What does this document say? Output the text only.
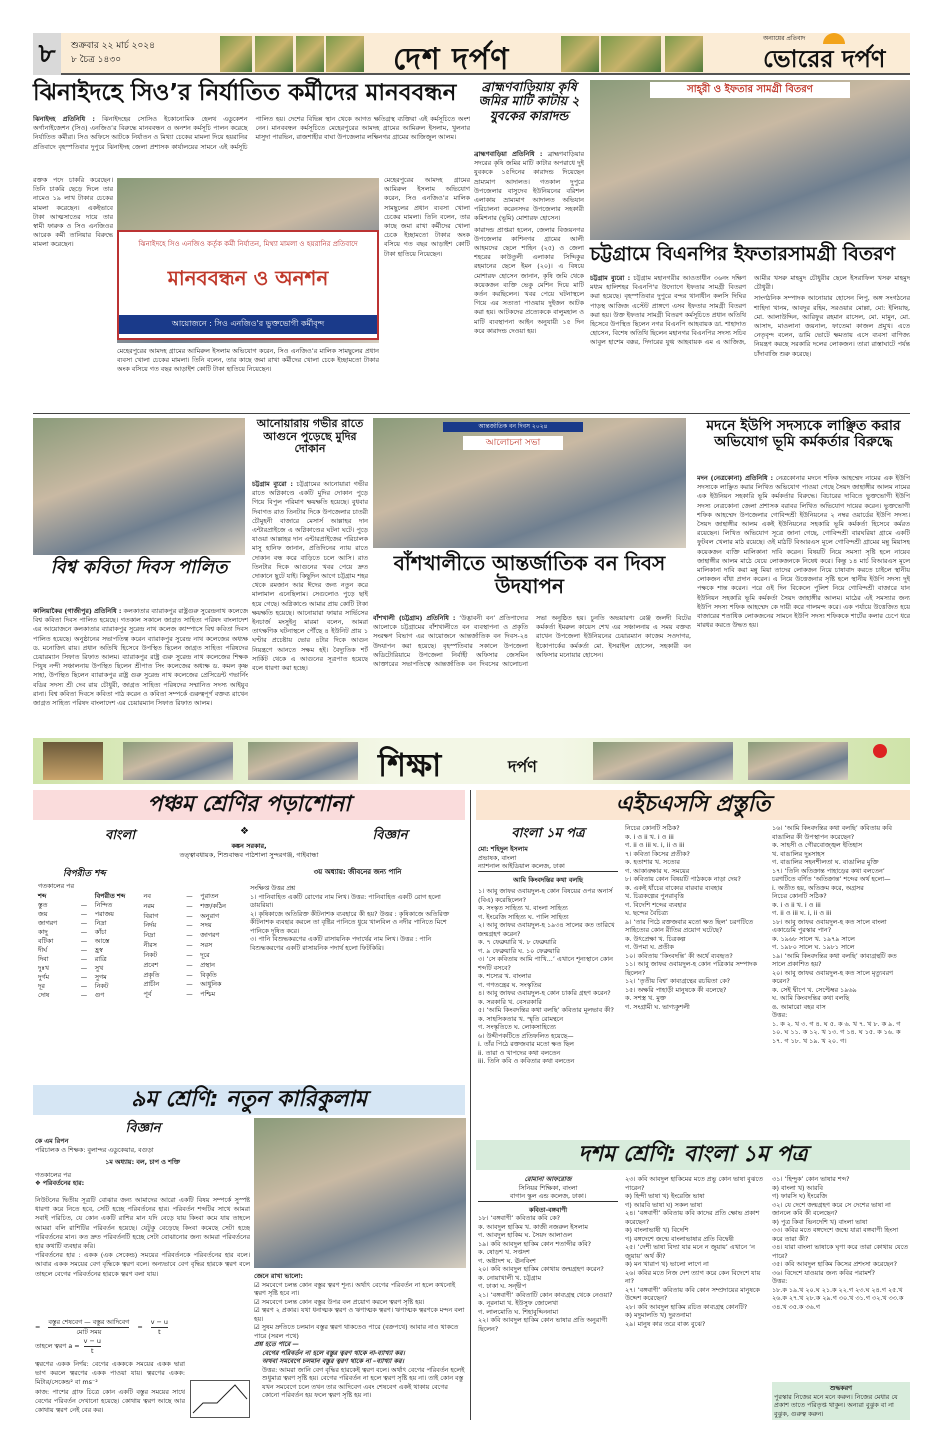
৮	শুক্রবার ২২ মার্চ ২০২৪
৮ চৈত্র ১৪৩০	দেশ দর্পণ
অন্যায়ের প্রতিবাদ
ভোরের দর্পণ
ঝিনাইদহে সিও’র নির্যাতিত কর্মীদের মানববন্ধন

ঝিনাইদহ প্রতিনিধি : ঝিনাইদহের সোসিও ইকোনোমিক হেলথ এডুকেশন অর্গানাইজেশন (সিও) এনজিও’র বিরুদ্ধে মানববন্ধন ও অনশন কর্মসূচি পালন করেছে নির্যাতিত কর্মীরা। সিও অফিসে আটকে নির্যাতন ও মিথ্যা চেকের মামলা দিয়ে হয়রানির প্রতিবাদে বৃহস্পতিবার দুপুরে ঝিনাইদহ জেলা প্রশাসক কার্যালয়ের সামনে এই কর্মসূচি পালিত হয়। দেশের বিভিন্ন স্থান থেকে আগত ক্ষতিগ্রস্থ ব্যক্তিরা এই কর্মসূচিতে অংশ নেন। মানববন্ধন কর্মসূচিতে মেহেরপুরের আমদহ গ্রামের আমিরুল ইসলাম, খুলনার মাসুদা পারভিন, রাজশাহীর বাঘা উপজেলার লক্ষিনগর গ্রামের আজিজুল আলম।

রক্তক পদে চাকরি করেছেন। তিনি চাকরি ছেড়ে দিলে তার নামেও ১৯ লাখ টাকার চেকের মামলা করেছেন। একইভাবে টাকা আত্মসাতের দায়ে তার স্বামী ফারুক ও সিও এনজিওর আরেক কর্মী তানিয়ার বিরুদ্ধে মামলা করেছেন।	ঝিনাইদহে সিও এনজিও কর্তৃক কর্মী নির্যাতন, মিথ্যা মামলা ও হয়রানির প্রতিবাদে
মানববন্ধন ও অনশন
আয়োজনে : সিও এনজিও'র ভুক্তভোগী কর্মীবৃন্দ

মেহেরপুরের আমদহ গ্রামের আমিরুল ইসলাম অভিযোগ করেন, সিও এনজিও’র মালিক সামছুলের প্রধান ব্যবসা খোলা চেকের মামলা। তিনি বলেন, তার কাছে জমা রাখা কর্মীদের খোলা চেকে ইচ্ছামতো টাকার অংক বসিয়ে গত বছর আড়াইশ কোটি টাকা হাতিয়ে নিয়েছেন।

মেহেরপুরের আমদহ গ্রামের আমিরুল ইসলাম অভিযোগ করেন, সিও এনজিও’র মালিক সামছুলের প্রধান ব্যবসা খোলা চেকের মামলা। তিনি বলেন, তার কাছে জমা রাখা কর্মীদের খোলা চেকে ইচ্ছামতো টাকার অংক বসিয়ে গত বছর আড়াইশ কোটি টাকা হাতিয়ে নিয়েছেন।

ব্রাহ্মণবাড়িয়ায় কৃষি জমির মাটি কাটায় ২ যুবকের কারাদন্ড

ব্রাহ্মণবাড়িয়া প্রতিনিধি : ব্রাহ্মণবাড়িয়ার সদরের কৃষি জমির মাটি কাটার অপরাধে দুই যুবককে ১৫দিনের কারাদন্ড দিয়েছেন ভ্রাম্যমাণ আদালত। গতকাল দুপুরে উপজেলার বাসুদেব ইউনিয়নের বরিশল এলাকায় ভ্রাম্যমাণ আদালত অভিযান পরিচালনা করেনসদর উপজেলার সহকারী কমিশনার (ভূমি) মোশারফ হোসেন।

কারাদন্ড প্রাপ্তরা হলেন, জেলার বিজয়নগর উপজেলার কাশিনগর গ্রামের আলী আহমদের ছেলে শাহিন (২৫) ও জেলা শহরের কাউতুলী এলাকার সিদ্দিকুর রহমানের ছেলে ইমন (২০)। এ বিষয়ে মোশারফ হোসেন জানান, কৃষি জমি থেকে কয়েকজন ব্যক্তি ভেকু মেশিন দিয়ে মাটি কর্তন করছিলেন। খবর পেয়ে ঘটনাস্থলে গিয়ে এর সত্যতা পাওয়ায় দুইজন আটক করা হয়। আটকদের প্রত্যেককে বালুমহাল ও মাটি ব্যবস্থাপনা আইন অনুযায়ী ১৫ দিন করে কারাদন্ড দেওয়া হয়।

সাহ্‌রী ও ইফতার সামগ্রী বিতরণ
চট্টগ্রামে বিএনপির ইফতারসামগ্রী বিতরণ

চট্টগ্রাম ব্যুরো : চট্টগ্রাম মহানগরীর আওতাধীন ৩৬নং দক্ষিণ মধ্যম হালিশহর বিএনপি'র উদ্যোগে ইফতার সামগ্রী বিতরণ করা হয়েছে। বৃহস্পতিবার দুপুরে বন্দর থানাধীন কলসি দিঘির পাড়স্থ আজিজ এস্টেট প্রাঙ্গণে এসব ইফতার সামগ্রী বিতরণ করা হয়। উক্ত ইফতার সামগ্রী বিতরণ কর্মসূচিতে প্রধান অতিথি হিসেবে উপস্থিত ছিলেন নগর বিএনপি আহবায়ক ডা. শাহাদাত হোসেন, বিশেষ অতিথি ছিলেন মহানগর বিএনপির সদস্য সচিব আবুল হাশেম বক্কর, দিদারের যুগ্ম আহবায়ক এম এ আজিজ, আমীর খসরু মাহমুদ চৌধুরীর ছেলে ইসরাফিল খসরু মাহমুদ চৌধুরী।

সাংগঠনিক সম্পাদক আনোয়ার হোসেন লিপু, অঙ্গ সংগঠনের শাহিদা খানম, আবদুর রহিম, সরওয়ার মোল্লা, মো: ইলিয়াছ, মো. আলাউদ্দিন, আরিফুর রহমান রাসেল, মো. মামুন, মো. আসাদ, মাওলানা জয়নাল, ফাতেমা কাজল প্রমুখ। এতে নেতৃবৃন্দ বলেন, ডামি ভোটে ক্ষমতায় এসে ব্যবসা বাণিজ্য নিয়ন্ত্রণ করছে সরকারি দলের লোকজন। তারা রাস্তাঘাটে পর্যন্ত চাঁদাবাজি শুরু করেছে।

বিশ্ব কবিতা দিবস পালিত

কালিয়াকৈর (গাজীপুর) প্রতিনিধি : কলকাতার ব্যারাকপুর রাষ্ট্রগুরু সুরেন্দ্রনাথ কলেজে বিশ্ব কবিতা দিবস পালিত হয়েছে। গতকাল সকালে জাগ্রত সাহিত্য পরিষদ বাংলাদেশ এর আয়োজনে কলকাতার ব্যারাকপুর সুরেন্দ্র নাথ কলেজ ক্যাম্পাসে বিশ্ব কবিতা দিবস পালিত হয়েছে। অনুষ্ঠানের সভাপতিত্ব করেন ব্যারাকপুর সুরেন্দ্র নাথ কলেজের অধ্যক্ষ ড. মনোজিৎ রায়। প্রধান অতিথি হিসেবে উপস্থিত ছিলেন জাগ্রত সাহিত্য পরিষদের চেয়ারম্যান সিফাত রিফাত আলম। ব্যারাকপুর রাষ্ট্র গুরু সুরেন্দ্র নাথ কলেজের শিক্ষক পিযুষ নন্দী সঞ্চালনায় উপস্থিত ছিলেন শ্রীপাত সিং কলেজের অধ্যক্ষ ড. কমল কৃষ্ণ সাহা, উপস্থিত ছিলেন ব্যারাকপুর রাষ্ট্র গুরু সুরেন্দ্র নাথ কলেজের প্রেসিডেন্ট গভার্নিং বডির সদস্য শ্রী দেব রায় চৌধুরী, জাগ্রত সাহিত্য পরিষদের সম্মানিত সদস্য আইয়ুব রানা। বিশ্ব কবিতা দিবসে কবিতা পাঠ করেন ও কবিতা সম্পর্কে গুরুত্বপূর্ণ বক্তব্য রাখেন জাগ্রত সাহিত্য পরিষদ বাংলাদেশ এর চেয়ারম্যান সিফাত রিফাত আলম।

আনোয়ারায় গভীর রাতে আগুনে পুড়েছে মুদির দোকান

চট্টগ্রাম ব্যুরো : চট্টগ্রামের আনোয়ারা গভীর রাতে অগ্নিকাণ্ডে একটি মুদির দোকান পুড়ে গিয়ে বিপুল পরিমাণ ক্ষয়ক্ষতি হয়েছে। বুধবার দিবাগত রাত তিনটার দিকে উপজেলার চাতরী চৌমুহনী বাজারে মেসার্স আল্লাহর দান এন্টারপ্রাইজে এ অগ্নিকাণ্ডের ঘটনা ঘটে। পুড়ে যাওয়া আল্লাহর দান এন্টারপ্রাইজের পরিচালক মাসু হানিফ জানান, প্রতিদিনের ন্যায় রাতে দোকান বন্ধ করে বাড়িতে চলে আসি। রাত তিনটার দিকে আগুনের খবর পেয়ে দ্রুত দোকানে ছুটে যাই। কিছুদিন আগে চট্টগ্রাম শহর থেকে রমজান আর ঈদের জন্য নতুন করে মালামাল এনেছিলাম। সেগুলোও পুড়ে ছাই হয়ে গেছে। অগ্নিকাণ্ডে আমার প্রায় কোটি টাকা ক্ষয়ক্ষতি হয়েছে। আনোয়ারা ফায়ার সার্ভিসের ইনচার্জ মংসুইনু মারমা বলেন, আমরা তাৎক্ষণিক ঘটনাস্থলে পৌঁছে ৪ ইউনিট প্রায় ১ ঘণ্টার প্রচেষ্টায় ভোর ৪টার দিকে আগুন নিয়ন্ত্রণে আনতে সক্ষম হই। বৈদ্যুতিক শর্ট সার্কিট থেকে এ আগুনের সূত্রপাত হয়েছে বলে ধারণা করা হচ্ছে।

আন্তর্জাতিক বন দিবস ২০২৪
আলোচনা সভা
বাঁশখালীতে আন্তর্জাতিক বন দিবস উদযাপন

বাঁশখালী (চট্টগ্রাম) প্রতিনিধি : ‘উদ্ভাবনী বন’ প্রতিপাদ্যের আলোকে চট্টগ্রামের বাঁশখালীতে বন ব্যবস্থাপনা ও প্রকৃতি সংরক্ষণ বিভাগ এর আয়োজনে আন্তর্জাতিক বন দিবস-২৪ উদযাপন করা হয়েছে। বৃহস্পতিবার সকালে উপজেলা অডিটোরিয়ামে উপজেলা নির্বাহী অফিসার জেসমিন আক্তারের সভাপতিত্বে আন্তর্জাতিক বন দিবসের আলোচনা সভা অনুষ্ঠিত হয়। চুনতি অভয়ারণ্য রেঞ্জ জলদী বিটের কর্মকর্তা ইমরুল কায়েস শেখ এর সঞ্চালনায় এ সময় বক্তব্য রাখেন উপজেলা ইউনিয়নের চেয়ারম্যান কাজেম সওদাগর, ইকোপার্কের কর্মকর্তা মো. ইসরাইল হোসেন, সহকারী বন অফিসার মনোয়ার হোসেন।

মদনে ইউপি সদস্যকে লাঞ্ছিত করার অভিযোগ ভূমি কর্মকর্তার বিরুদ্ধে

মদন (নেত্রকোনা) প্রতিনিধি : নেত্রকোনার মদনে শফিক আহম্মেদ নামের এক ইউপি সদস্যকে লাঞ্ছিত করার লিখিত অভিযোগ পাওয়া গেছে সৈয়দ জাহাঙ্গীর আলম নামের এক ইউনিয়ন সহকারি ভূমি কর্মকর্তার বিরুদ্ধে। বিচারের দাবিতে ভুক্তভোগী ইউপি সদস্য নেত্রকোনা জেলা প্রশাসক বরাবর লিখিত অভিযোগ দায়ের করেন। ভুক্তভোগী শফিক আহম্মেদ উপজেলার গোবিন্দশ্রী ইউনিয়নের ২ নম্বর ওয়ার্ডের ইউপি সদস্য। সৈয়দ জাহাঙ্গীর আলম একই ইউনিয়নের সহকারি ভূমি কর্মকর্তা হিসেবে কর্মরত রয়েছেন। লিখিত অভিযোগ সূত্রে জানা গেছে, গোবিন্দশ্রী বারঘরিয়া গ্রামে একটি ফুটবল খেলার মাঠ রয়েছে। ওই মাঠটি বিআরএস মূলে গোবিন্দশ্রী গ্রামের মন্নু মিয়াসহ কয়েকজন ব্যক্তি মালিকানা দাবি করেন। বিষয়টি নিয়ে সমস্যা সৃষ্টি হলে নায়েব জাহাঙ্গীর আলম মাঠে যেয়ে লোকজনকে নিষেধ করে। কিন্তু ১৪ মার্চ বিআরএস মূলে মালিকানা দাবি করা মন্নু মিয়া তাদের লোকজন নিয়ে চাষাবাদ করতে চাইলে স্থানীয় লোকজন বাঁধা প্রদান করেন। এ নিয়ে উত্তেজনার সৃষ্টি হলে স্থানীয় ইউপি সদস্য দুই পক্ষকে শান্ত করেন। পরে ওই দিন বিকেলে পুলিশ নিয়ে গোবিন্দশ্রী বাজারে যান ইউনিয়ন সহকারি ভূমি কর্মকর্তা সৈয়দ জাহাঙ্গীর আলম। মাঠের এই সমস্যার জন্য ইউপি সদস্য শফিক আহম্মেদ কে দায়ী করে গালমন্দ করে। এক পর্যায়ে উত্তেজিত হয়ে বাজারের শতাধিক লোকজনের সামনে ইউপি সদস্য শফিককে শার্টের কলার চেপে ধরে মারধর করতে উদ্ধত হয়।

শিক্ষা	দর্পণ
পঞ্চম শ্রেণির পড়াশোনা
বাংলা	❖	বিজ্ঞান
কঙ্কন সরকার,
তত্ত্বাবধায়ক, শিশুবান্ধব পাঠশালা সুন্দরগঞ্জ, গাইবান্ধা
বিপরীত শব্দ
গতকালের পর
শব্দ	বিপরীত শব্দ
স্তুত	—	নিন্দিত
জয়	—	পরাজয়
জাগরণ	—	নিদ্রা
কাদু	—	কাঁচা
বটিকা	—	আস্তে
দীর্ঘ	—	হ্রস্ব
দিবা	—	রাত্রি
দুঃখ	—	সুখ
দুর্গম	—	সুগম
দূর	—	নিকট
দোষ	—	গুণ
নব	—	পুরাতন
নরম	—	শক্ত/কঠিন
বিরাগ	—	অনুরাগ
নির্দয়	—	সদয়
নিদ্রা	—	জাগরণ
নীরস	—	সরস
নিকট	—	দূরে
প্রবেশ	—	প্রস্থান
প্রকৃতি	—	বিকৃতি
প্রাচীন	—	আধুনিক
পূর্ব	—	পশ্চিম
৩য় অধ্যায়: জীবনের জন্য পানি
সংক্ষিপ্ত উত্তর প্রশ্ন
১। পানিবাহিত একটি রোগের নাম লিখ। উত্তর: পানিবাহিত একটি রোগ হলো ডায়রিয়া।
২। কৃষিকাজে অতিরিক্ত কীটনাশক ব্যবহারে কী হয়? উত্তর : কৃষিকাজে অতিরিক্ত কীটনাশক ব্যবহার করলে তা বৃষ্টির পানিতে ধুয়ে খালবিল ও নদীর পানিতে মিশে পানিকে দূষিত করে।
৩। পানি বিশুদ্ধকরণের একটি রাসায়নিক পদার্থের নাম লিখ। উত্তর : পানি বিশুদ্ধকরণের একটি রাসায়নিক পদার্থ হলো ফিটকিরি।
৯ম শ্রেণি: নতুন কারিকুলাম
বিজ্ঞান
কে এম রিপন
পরিচালক ও শিক্ষক: বুলান্দর এডুকেয়ার, বগুড়া
১ম অধ্যায়: বল, চাপ ও শক্তি
গতকালের পর
❖ পরিবর্তনের হার:
নিউটনের দ্বিতীয় সূত্রটি বোঝার জন্য আমাদের আরো একটি বিষয় সম্পর্কে সুস্পষ্ট ধারণা করে নিতে হবে, সেটি হচ্ছে পরিবর্তনের হার। পরিবর্তন শব্দটির সাথে আমরা সবাই পরিচিত, যে কোন একটি রাশির মান যদি বেড়ে যায় কিংবা কমে যায় তাহলে আমরা বলি রাশিটির পরিবর্তন হয়েছে। যেটুকু বেড়েছে কিংবা কমেছে সেটা হচ্ছে পরিবর্তনের মান। কত দ্রুত পরিবর্তনটি হচ্ছে সেটা বোঝানোর জন্য আমরা পরিবর্তনের হার কথাটি ব্যবহার করি।
পরিবর্তনের হার : একক (এক সেকেন্ড) সময়ের পরিবর্তনকে পরিবর্তনের হার বলে। আবার একক সময়ের বেগ বৃদ্ধিকে ত্বরণ বলে। অন্যভাবে বেগ বৃদ্ধির হারকে ত্বরণ বলে তাহলে বেগের পরিবর্তনের হারকে ত্বরণ বলা যায়।
=
বস্তুর শেষবেগ — বস্তুর আদিবেগ
মোট সময়
= $\frac{v - u}{t}$
তাহলে ত্বরণ $a = \frac{v - u}{t}$
ত্বরণের একক নির্ণয়: বেগের একককে সময়ের একক দ্বারা ভাগ করলে ত্বরণের একক পাওয়া যায়। ত্বরণের একক: মিটার/সেকেন্ড² বা ms⁻²
কাজ: পাশের গ্রাফ চিত্রে কোন একটি বস্তুর সময়ের সাথে বেগের পরিবর্তন দেখানো হয়েছে। কোথায় ত্বরণ আছে আর কোথায় ত্বরণ নেই বের কর।
জেনে রাখা ভালো:
☑ সমবেগে চলন্ত কোন বস্তুর ত্বরণ শূন্য। অর্থাৎ বেগের পরিবর্তন না হলে কখনোই ত্বরণ সৃষ্টি হবে না।
☑ সমবেগে চলন্ত কোন বস্তুর উপর বল প্রয়োগ করলে ত্বরণ সৃষ্টি হয়।
☑ ত্বরণ ২ প্রকার। যথা ধনাত্মক ত্বরণ ও ঋণাত্মক ত্বরণ। ঋণাত্মক ত্বরণকে মন্দন বলা হয়।
☑ সুষম দ্রুতিতে চলমান বস্তুর ত্বরণ থাকতেও পারে (বক্রপথে) আবার নাও থাকতে পারে (সরল পথে)
প্রশ্ন হতে পারে —
বেগের পরিবর্তন না হলে বস্তুর ত্বরণ থাকে না-ব্যাখ্যা কর।
অথবা সমবেগে চলমান বস্তুর ত্বরণ থাকে না –ব্যাখ্যা কর।
উত্তর: আমরা জানি বেগ বৃদ্ধির হারকেই ত্বরণ বলে। অর্থাৎ বেগের পরিবর্তন হলেই শুধুমাত্র ত্বরণ সৃষ্টি হয়। বেগের পরিবর্তন না হলে ত্বরণ সৃষ্টি হয় না। তাই কোন বস্তু যখন সমবেগে চলে তখন তার আদিবেগ এবং শেষবেগ একই থাকায় বেগের কোনো পরিবর্তন হয় ফলে ত্বরণ সৃষ্টি হয় না।
এইচএসসি প্রস্তুতি
বাংলা ১ম পত্র
মো: শহিদুল ইসলাম
প্রভাষক, বাংলা
ন্যাশনাল আইডিয়াল কলেজ, ঢাকা
আমি কিংবদন্তির কথা বলছি
১। আবু জাফর ওবায়দুল-হ কোন বিষয়ের ওপর অনার্স (বিএ) করেছিলেন?
ক. সংস্কৃত সাহিত্য খ. বাংলা সাহিত্য
গ. ইংরেজি সাহিত্য ঘ. পালি সাহিত্য
২। আবু জাফর ওবায়দুল-হ ১৯৩৪ সালের কত তারিখে জন্মগ্রহণ করেন?
ক. ৭ ফেব্রুয়ারি খ. ৮ ফেব্রুয়ারি
গ. ৯ ফেব্রুয়ারি ঘ. ১০ ফেব্রুয়ারি
৩। ‘সে কবিতায় আমি পাখি...’ এখানে শূন্যস্থানে কোন শব্দটি বসবে?
ক. শস্যের খ. বাংলার
গ. গণতন্ত্রের ঘ. সংস্কৃতির
৪। আবু জাফর ওবায়দুল-হ কোন চাকরি গ্রহণ করেন?
ক. সরকারি খ. বেসরকারি
৫। ‘আমি কিংবদন্তির কথা বলছি’ কবিতার মূলভাব কী?
ক. সাহসিকতার খ. স্মৃতি রোমন্থনে
গ. সংস্কৃতিতে ঘ. লোকসাহিত্যে
৬। উদ্দীপকটিতে প্রতিফলিত হয়েছে—
i. তাঁর পিঠে রক্তজবার মতো ক্ষত ছিল
ii. তারা ও খাপদের কথা বলতেন
iii. তিনি কবি ও কবিতার কথা বলতেন
নিচের কোনটি সঠিক?
ক. i ও ii খ. i ও iii
গ. ii ও iii ঘ. i, ii ও iii
৭। কবিতা কিসের প্রতীক?
ক. হতাশার খ. সত্যের
গ. আকাঙ্ক্ষার ঘ. সময়ের
৮। কবিতায় কোন বিষয়টি পাঠককে নাড়া দেয়?
ক. একই ধাঁচের বাক্যের বারবার ব্যবহার
খ. চিত্রকল্পের পুনরাবৃত্তি
গ. বিদেশি শব্দের ব্যবহার
ঘ. ছন্দের বৈচিত্র্য
৯। ‘তার পিঠে রক্তজবার মতো ক্ষত ছিল’ চরণটিতে সাহিত্যের কোন রীতির প্রয়োগ ঘটেছে?
ক. উৎপ্রেক্ষা খ. চিত্রকল্প
গ. উপমা ঘ. প্রতীক
১০। কবিতায় ‘কিংবদন্তি’ কী অর্থে ব্যবহৃত?
১১। আবু জাফর ওবায়দুল-হ কোন পত্রিকার সম্পাদক ছিলেন?
১২। ‘তৃতীয় বিশ্ব’ কাব্যগ্রন্থের রচয়িতা কে?
১৫। অক্ষরি পাহাড়ী মানুষকে কী বলেছে?
ক. সশস্ত্র খ. মুক্ত
গ. সংগ্রামী ঘ. ভাগ্যকুশলী
১৬। ‘আমি কিংবদন্তির কথা বলছি’ কবিতায় কবি বাঙালির কী উপস্থাপন করেছেন?
ক. সাহসী ও গৌরবোজ্জ্বল ইতিহাস
খ. বাঙালির দুঃসাহস
গ. বাঙালির সহনশীলতা ঘ. বাঙালির মুক্তি
১৭। ‘তিনি অতিক্রান্ত পাহাড়ের কথা বলতেন’ চরণটিতে বর্ণিত ‘অতিক্রান্ত’ শব্দের অর্থ হলো—
i. অতীত হয়, অতিক্রম করে, অগ্রসর
নিচের কোনটি সঠিক?
ক. i ও ii খ. i ও iii
গ. ii ও iii ঘ. i, ii ও iii
১৮। আবু জাফর ওবায়দুল-হ কত সালে বাংলা একাডেমি পুরস্কার পান?
ক. ১৯৬৮ সালে খ. ১৯৭৯ সালে
গ. ১৯৮০ সালে ঘ. ১৯৮১ সালে
১৯। ‘আমি কিংবদন্তির কথা বলছি’ কাব্যগ্রন্থটি কত সালে প্রকাশিত হয়?
২০। আবু জাফর ওবায়দুল-হ কত সালে মৃত্যুবরণ করেন?
ক. সেই দ্বীপে খ. সেপ্টেম্বর ১৯৬৯
ঘ. আমি কিংবদন্তির কথা বলছি
ঙ. আমারো বহর বাস
উত্তর:
১. ক ২. খ ৩. গ ৪. ঘ ৫. ক ৬. খ ৭. খ ৮. ক ৯. গ ১০. ঘ ১১. ক ১২. খ ১৩. গ ১৪. ঘ ১৫. ক ১৬. ক ১৭. গ ১৮. খ ১৯. খ ২০. গ।
দশম শ্রেণি: বাংলা ১ম পত্র
রোমানা আফরোজ
সিনিয়র শিক্ষিকা, বাংলা
বাগান স্কুল এন্ড কলেজ, ঢাকা।
কবিতা-বঙ্গবাণী
১৮। ‘বঙ্গবাণী’ কবিতার কবি কে?
ক. আবদুল হাকিম খ. কাজী নজরুল ইসলাম
গ. আবদুল হাকিম ঘ. সৈয়দ আলাওল
১৯। কবি আবদুল হাকিম কোন শতাব্দীর কবি?
ক. ষোড়শ খ. সপ্তদশ
গ. অষ্টাদশ ঘ. ঊনবিংশ
২০। কবি আবদুল হাকিম কোথায় জন্মগ্রহণ করেন?
ক. নোয়াখালী খ. চট্টগ্রাম
গ. ঢাকা ঘ. সন্দ্বীপ
২১। ‘বঙ্গবাণী’ কবিতাটি কোন কাব্যগ্রন্থ থেকে নেওয়া?
ক. নূরনামা খ. ইউসুফ জোলেখা
গ. লালমোতি ঘ. শিহাবুদ্দিননামা
২২। কবি আবদুল হাকিম কোন ভাষার প্রতি অনুরাগী ছিলেন?
২৩। কবি আবদুল হাকিমের মতে প্রভু কোন ভাষা বুঝতে পারেন?
ক) হিন্দী ভাষা খ) ইংরেজি ভাষা
গ) আরবি ভাষা ঘ) সকল ভাষা
২৪। ‘বঙ্গবাণী’ কবিতায় কবি কাদের প্রতি ক্ষোভ প্রকাশ করেছেন?
ক) বাংলাভাষী খ) বিদেশি
গ) বঙ্গদেশে জন্মে বাংলাভাষার প্রতি বিদ্বেষী
২৫। ‘দেশী ভাষা বিদ্যা যার মনে ন জুয়ায়’ এখানে ‘ন জুয়ায়’ অর্থ কী?
ক) মন খারাপ খ) ভালো লাগে না
২৬। কবির মতে নিজ দেশ ত্যাগ করে কেন বিদেশে যায় না?
২৭। ‘বঙ্গবাণী’ কবিতায় কবি কোন সম্প্রদায়ের মানুষকে উদ্দেশ করেছেন?
২৮। কবি আবদুল হাকিম রচিত কাব্যগ্রন্থ কোনটি?
ক) মদুমালতি খ) দুরতনামা
২৯। মানুষ কার তরে বাক্য বুঝে?
৩১। ‘হিন্দুক’ কোন ভাষার শব্দ?
ক) বাংলা খ) আরবি
গ) ফারসি ঘ) ইংরেজি
৩২। যে দেশে জন্মগ্রহণ করে সে দেশের ভাষা না জানলে কবি কী বলেছেন?
ক) পুত্র কিবা ভিনদেশি খ) বাংলা ভাষা
৩৩। কবির মতে বঙ্গদেশে জন্মে যারা বঙ্গবাণী হিংসা করে তারা কী?
৩৪। যারা বাংলা ভাষাকে ঘৃণা করে তারা কোথায় যেতে পারে?
৩৫। কবি আবদুল হাকিম কিসের প্রশংসা করেছেন?
৩৬। বিদেশে যাওয়ার জন্য কবির পরামর্শ?
উত্তর:
১৮.ক ১৯.খ ২০.ঘ ২১.ক ২২.গ ২৩.ঘ ২৪.গ ২৫.খ ২৬.ক ২৭.খ ২৮.ক ২৯.গ ৩০.খ ৩১.গ ৩২.খ ৩৩.ক ৩৪.খ ৩৫.ক ৩৬.গ
শুদ্ধকরণ
পুরস্কার নিজের মনে মনে করুন। নিজের মেধার যে প্রকাশ তাতে পরিতৃপ্ত থাকুন। অন্যরা বুঝুক বা না বুঝুক, গুরুত্ব করুন।
